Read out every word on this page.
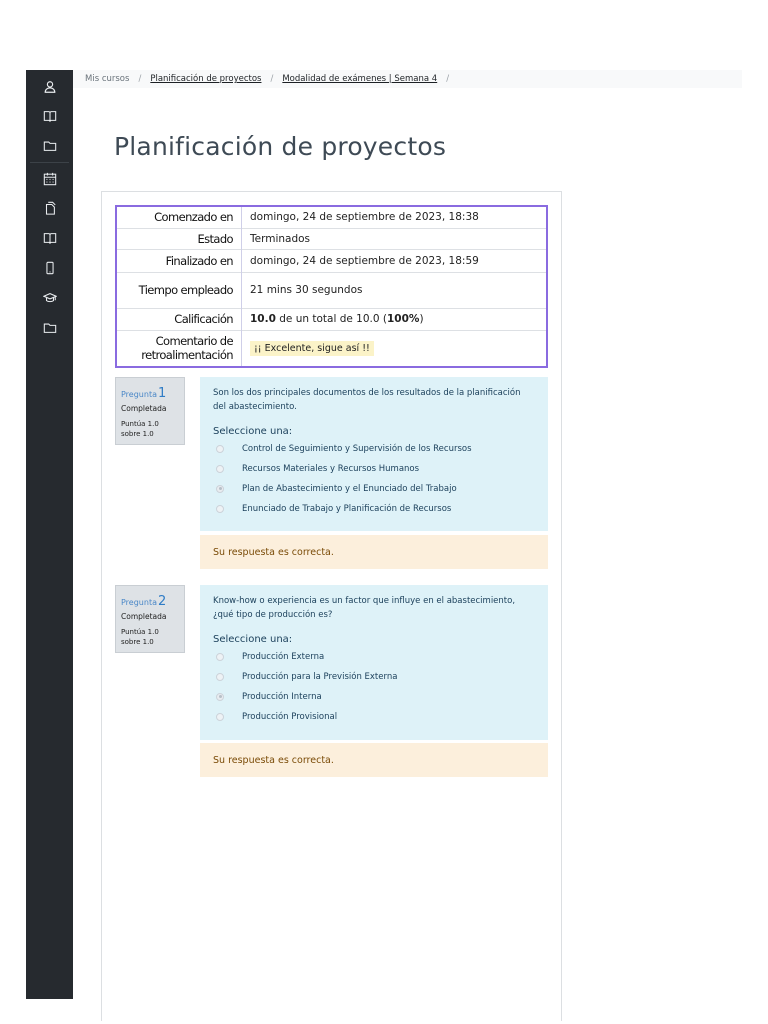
Mis cursos / Planificación de proyectos / Modalidad de exámenes | Semana 4 /
Planificación de proyectos
Comenzado en	domingo, 24 de septiembre de 2023, 18:38
Estado	Terminados
Finalizado en	domingo, 24 de septiembre de 2023, 18:59
Tiempo empleado	21 mins 30 segundos
Calificación	10.0 de un total de 10.0 (100%)
Comentario de retroalimentación	¡¡ Excelente, sigue así !!
Pregunta1
Completada
Puntúa 1.0 sobre 1.0
Son los dos principales documentos de los resultados de la planificación del abastecimiento.
Seleccione una:
Control de Seguimiento y Supervisión de los Recursos
Recursos Materiales y Recursos Humanos
Plan de Abastecimiento y el Enunciado del Trabajo
Enunciado de Trabajo y Planificación de Recursos
Su respuesta es correcta.
Pregunta2
Completada
Puntúa 1.0 sobre 1.0
Know-how o experiencia es un factor que influye en el abastecimiento, ¿qué tipo de producción es?
Seleccione una:
Producción Externa
Producción para la Previsión Externa
Producción Interna
Producción Provisional
Su respuesta es correcta.
